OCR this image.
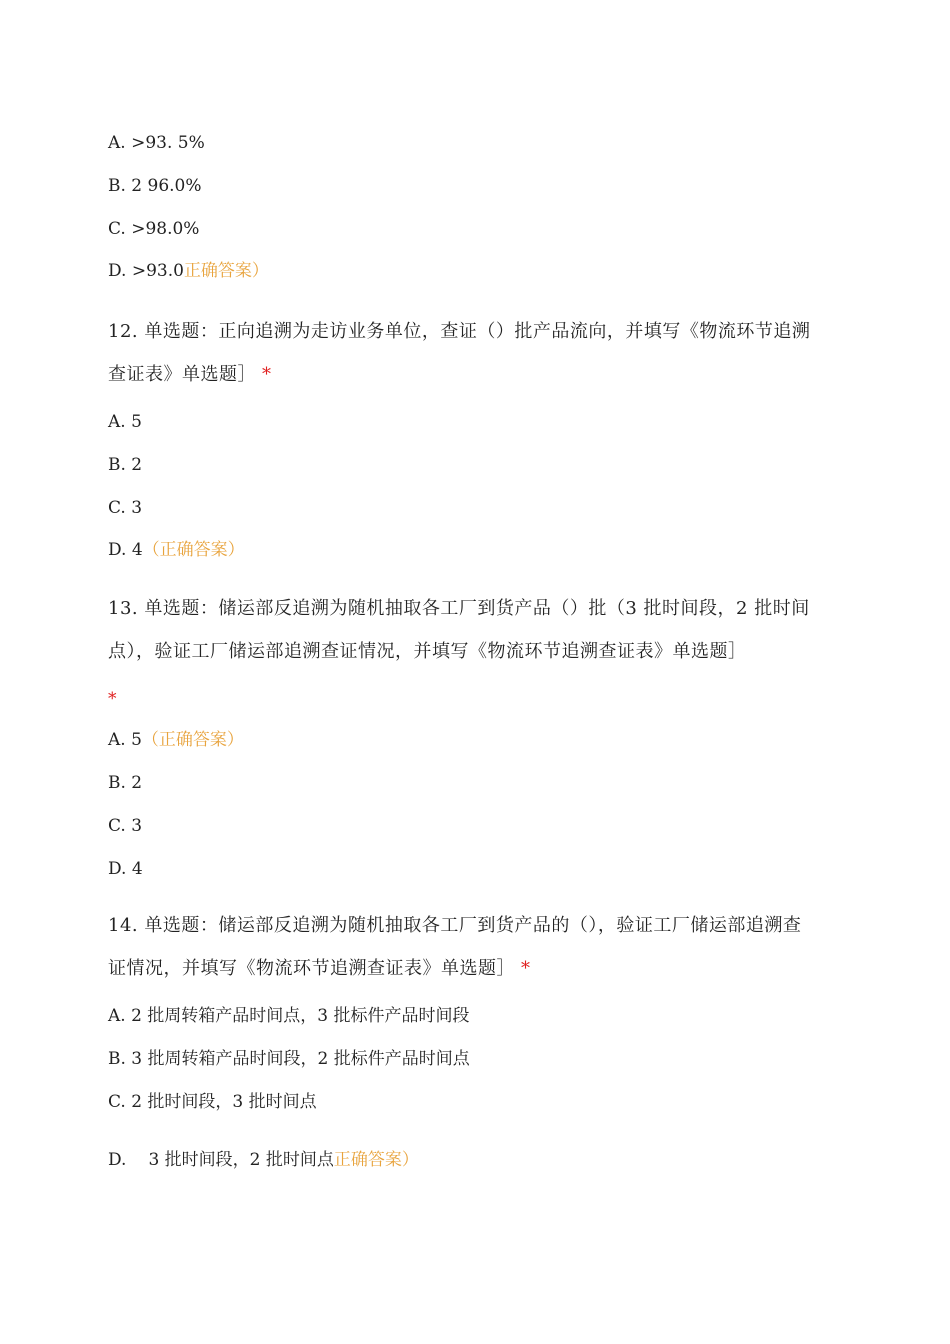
A. >93. 5%
B. 2 96.0%
C. >98.0%
D. >93.0正确答案）
12. 单选题：正向追溯为走访业务单位，查证（）批产品流向，并填写《物流环节追溯
查证表》单选题］ *
A. 5
B. 2
C. 3
D. 4（正确答案）
13. 单选题：储运部反追溯为随机抽取各工厂到货产品（）批（3 批时间段，2 批时间
点），验证工厂储运部追溯查证情况，并填写《物流环节追溯查证表》单选题］
*
A. 5（正确答案）
B. 2
C. 3
D. 4
14. 单选题：储运部反追溯为随机抽取各工厂到货产品的（），验证工厂储运部追溯查
证情况，并填写《物流环节追溯查证表》单选题］ *
A. 2 批周转箱产品时间点，3 批标件产品时间段
B. 3 批周转箱产品时间段，2 批标件产品时间点
C. 2 批时间段，3 批时间点
D. 3 批时间段，2 批时间点正确答案）
